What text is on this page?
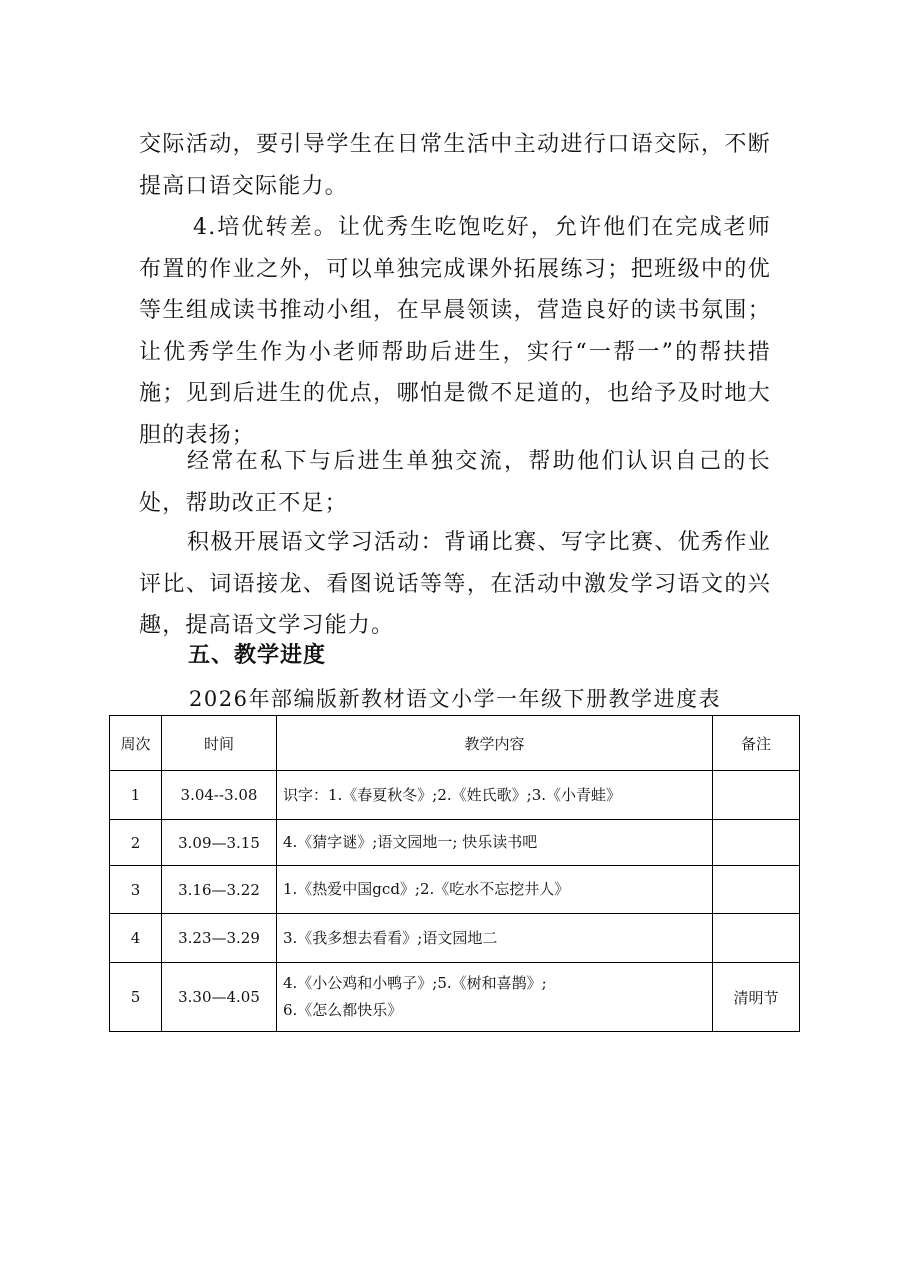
交际活动，要引导学生在日常生活中主动进行口语交际，不断提高口语交际能力。

4.培优转差。让优秀生吃饱吃好，允许他们在完成老师布置的作业之外，可以单独完成课外拓展练习；把班级中的优等生组成读书推动小组，在早晨领读，营造良好的读书氛围；让优秀学生作为小老师帮助后进生，实行“一帮一”的帮扶措施；见到后进生的优点，哪怕是微不足道的，也给予及时地大胆的表扬；

经常在私下与后进生单独交流，帮助他们认识自己的长处，帮助改正不足；

积极开展语文学习活动：背诵比赛、写字比赛、优秀作业评比、词语接龙、看图说话等等，在活动中激发学习语文的兴趣，提高语文学习能力。

五、教学进度

2026年部编版新教材语文小学一年级下册教学进度表

周次	时间	教学内容	备注
1	3.04--3.08	识字：1.《春夏秋冬》;2.《姓氏歌》;3.《小青蛙》	
2	3.09—3.15	4.《猜字谜》;语文园地一; 快乐读书吧	
3	3.16—3.22	1.《热爱中国gcd》;2.《吃水不忘挖井人》	
4	3.23—3.29	3.《我多想去看看》;语文园地二	
5	3.30—4.05	4.《小公鸡和小鸭子》;5.《树和喜鹊》;
6.《怎么都快乐》	清明节
